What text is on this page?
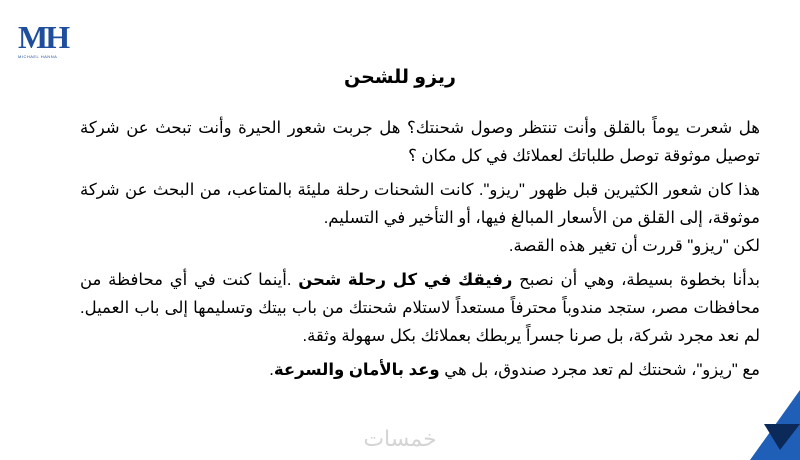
MH
MICHAEL HANNA
ريزو للشحن

هل شعرت يوماً بالقلق وأنت تنتظر وصول شحنتك؟ هل جربت شعور الحيرة وأنت تبحث عن شركة توصيل موثوقة توصل طلباتك لعملائك في كل مكان ؟

هذا كان شعور الكثيرين قبل ظهور "ريزو". كانت الشحنات رحلة مليئة بالمتاعب، من البحث عن شركة موثوقة، إلى القلق من الأسعار المبالغ فيها، أو التأخير في التسليم.

لكن "ريزو" قررت أن تغير هذه القصة.

بدأنا بخطوة بسيطة، وهي أن نصبح رفيقك في كل رحلة شحن .أينما كنت في أي محافظة من محافظات مصر، ستجد مندوباً محترفاً مستعداً لاستلام شحنتك من باب بيتك وتسليمها إلى باب العميل. لم نعد مجرد شركة، بل صرنا جسراً يربطك بعملائك بكل سهولة وثقة.

مع "ريزو"، شحنتك لم تعد مجرد صندوق، بل هي وعد بالأمان والسرعة.

خمسات
